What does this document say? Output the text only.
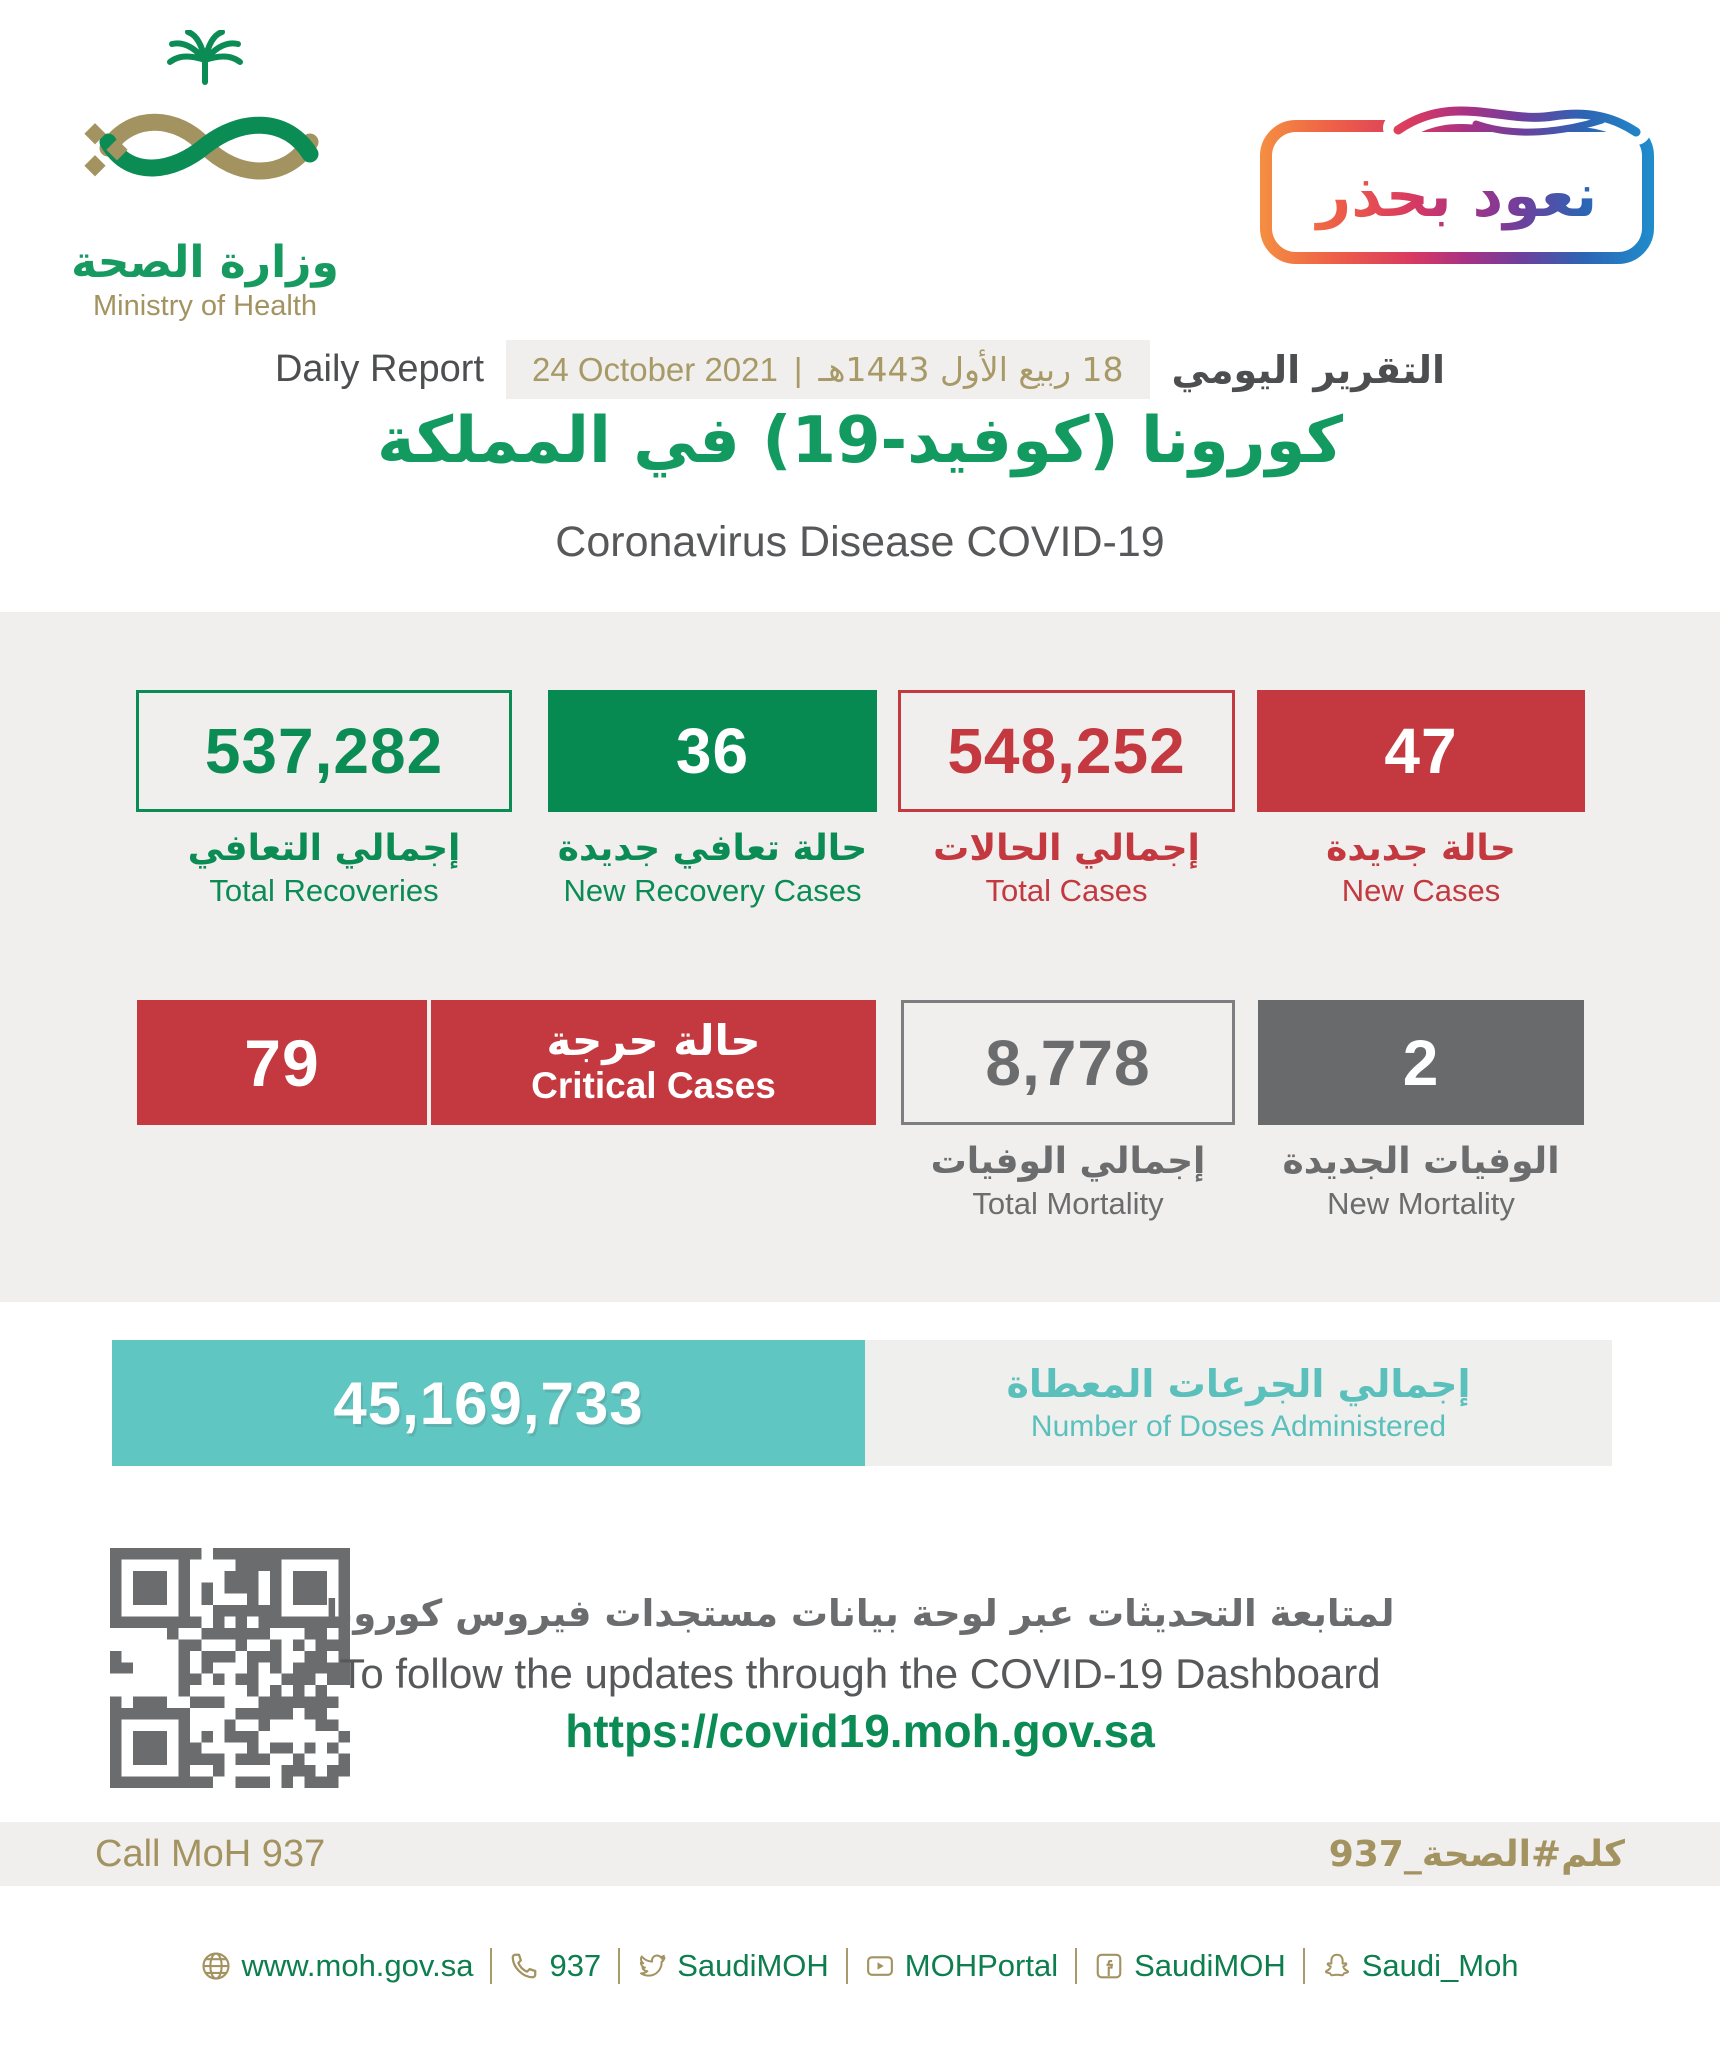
وزارة الصحة
Ministry of Health
نعود بحذر
Daily Report 24 October 2021 | 18 ربيع الأول 1443هـ التقرير اليومي
كورونا (كوفيد-19) في المملكة
Coronavirus Disease COVID-19
537,282
إجمالي التعافي
Total Recoveries
36
حالة تعافي جديدة
New Recovery Cases
548,252
إجمالي الحالات
Total Cases
47
حالة جديدة
New Cases
79	حالة حرجة
Critical Cases	8,778
إجمالي الوفيات
Total Mortality
2
الوفيات الجديدة
New Mortality
45,169,733	إجمالي الجرعات المعطاة
Number of Doses Administered
لمتابعة التحديثات عبر لوحة بيانات مستجدات فيروس كورونا
To follow the updates through the COVID-19 Dashboard
https://covid19.moh.gov.sa
Call MoH 937	كلم#الصحة_937
www.moh.gov.sa 937 SaudiMOH MOHPortal SaudiMOH Saudi_Moh
